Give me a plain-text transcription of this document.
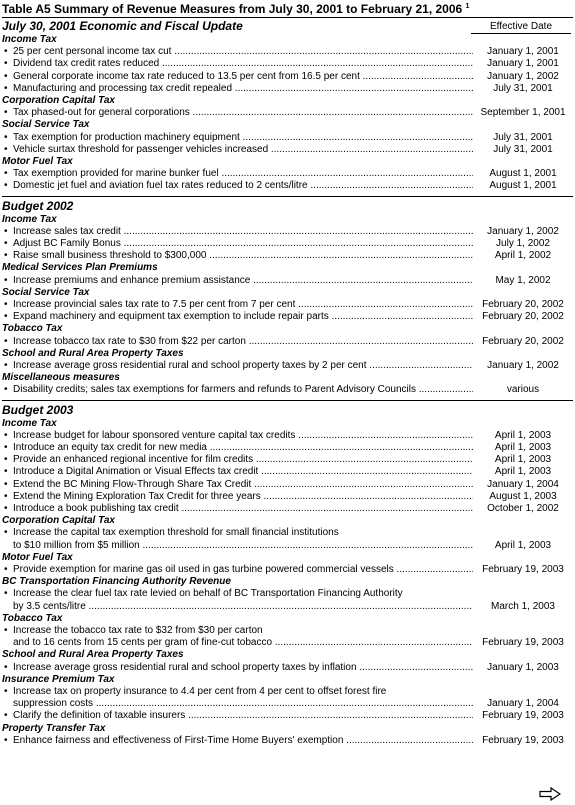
Table A5 Summary of Revenue Measures from July 30, 2001 to February 21, 2006 $^1$
July 30, 2001 Economic and Fiscal Update	Effective Date
Income Tax
• 25 per cent personal income tax cut .....	January 1, 2001
• Dividend tax credit rates reduced .....	January 1, 2001
• General corporate income tax rate reduced to 13.5 per cent from 16.5 per cent .....	January 1, 2002
• Manufacturing and processing tax credit repealed .....	July 31, 2001
Corporation Capital Tax
• Tax phased-out for general corporations .....	September 1, 2001
Social Service Tax
• Tax exemption for production machinery equipment .....	July 31, 2001
• Vehicle surtax threshold for passenger vehicles increased .....	July 31, 2001
Motor Fuel Tax
• Tax exemption provided for marine bunker fuel .....	August 1, 2001
• Domestic jet fuel and aviation fuel tax rates reduced to 2 cents/litre .....	August 1, 2001
Budget 2002
Income Tax
• Increase sales tax credit .....	January 1, 2002
• Adjust BC Family Bonus .....	July 1, 2002
• Raise small business threshold to $300,000 .....	April 1, 2002
Medical Services Plan Premiums
• Increase premiums and enhance premium assistance .....	May 1, 2002
Social Service Tax
• Increase provincial sales tax rate to 7.5 per cent from 7 per cent .....	February 20, 2002
• Expand machinery and equipment tax exemption to include repair parts .....	February 20, 2002
Tobacco Tax
• Increase tobacco tax rate to $30 from $22 per carton .....	February 20, 2002
School and Rural Area Property Taxes
• Increase average gross residential rural and school property taxes by 2 per cent .....	January 1, 2002
Miscellaneous measures
• Disability credits; sales tax exemptions for farmers and refunds to Parent Advisory Councils .....	various
Budget 2003
Income Tax
• Increase budget for labour sponsored venture capital tax credits .....	April 1, 2003
• Introduce an equity tax credit for new media .....	April 1, 2003
• Provide an enhanced regional incentive for film credits .....	April 1, 2003
• Introduce a Digital Animation or Visual Effects tax credit .....	April 1, 2003
• Extend the BC Mining Flow-Through Share Tax Credit .....	January 1, 2004
• Extend the Mining Exploration Tax Credit for three years .....	August 1, 2003
• Introduce a book publishing tax credit .....	October 1, 2002
Corporation Capital Tax
• Increase the capital tax exemption threshold for small financial institutions
to $10 million from $5 million .....	April 1, 2003
Motor Fuel Tax
• Provide exemption for marine gas oil used in gas turbine powered commercial vessels .....	February 19, 2003
BC Transportation Financing Authority Revenue
• Increase the clear fuel tax rate levied on behalf of BC Transportation Financing Authority
by 3.5 cents/litre .....	March 1, 2003
Tobacco Tax
• Increase the tobacco tax rate to $32 from $30 per carton
and to 16 cents from 15 cents per gram of fine-cut tobacco .....	February 19, 2003
School and Rural Area Property Taxes
• Increase average gross residential rural and school property taxes by inflation .....	January 1, 2003
Insurance Premium Tax
• Increase tax on property insurance to 4.4 per cent from 4 per cent to offset forest fire
suppression costs .....	January 1, 2004
• Clarify the definition of taxable insurers .....	February 19, 2003
Property Transfer Tax
• Enhance fairness and effectiveness of First-Time Home Buyers' exemption .....	February 19, 2003
